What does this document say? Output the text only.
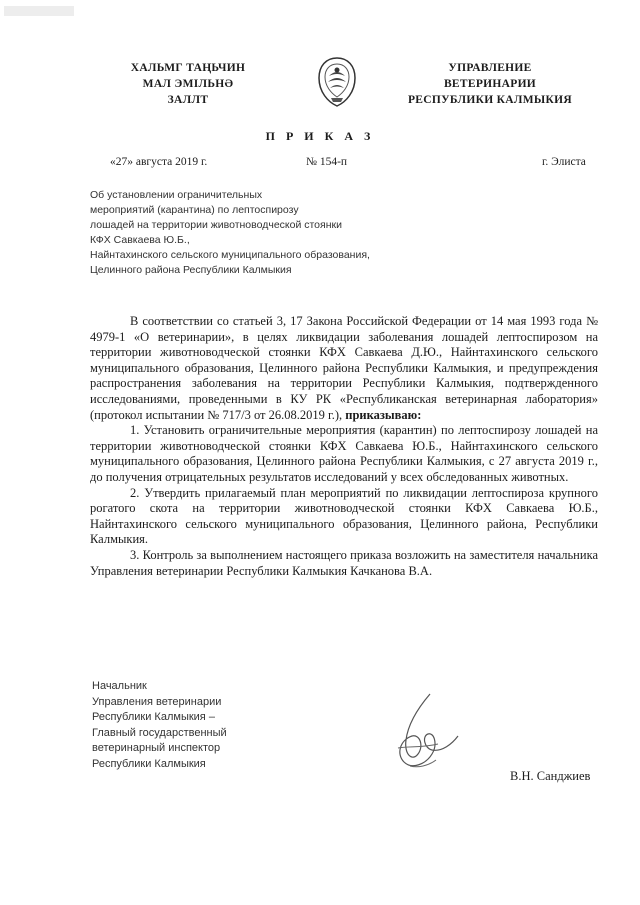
ХАЛЬМГ ТАҢЬЧИН
МАЛ ЭМӀЛЬНӘ
ЗАЛЛТ
УПРАВЛЕНИЕ
ВЕТЕРИНАРИИ
РЕСПУБЛИКИ КАЛМЫКИЯ
П Р И К А З
«27» августа 2019 г.	№ 154-п	г. Элиста
Об установлении ограничительных
мероприятий (карантина) по лептоспирозу
лошадей на территории животноводческой стоянки
КФХ Савкаева Ю.Б.,
Найнтахинского сельского муниципального образования,
Целинного района Республики Калмыкия

В соответствии со статьей 3, 17 Закона Российской Федерации от 14 мая 1993 года № 4979-1 «О ветеринарии», в целях ликвидации заболевания лошадей лептоспирозом на территории животноводческой стоянки КФХ Савкаева Д.Ю., Найнтахинского сельского муниципального образования, Целинного района Республики Калмыкия, и предупреждения распространения заболевания на территории Республики Калмыкия, подтвержденного исследованиями, проведенными в КУ РК «Республиканская ветеринарная лаборатория» (протокол испытании № 717/3 от 26.08.2019 г.), приказываю:

1. Установить ограничительные мероприятия (карантин) по лептоспирозу лошадей на территории животноводческой стоянки КФХ Савкаева Ю.Б., Найнтахинского сельского муниципального образования, Целинного района Республики Калмыкия, с 27 августа 2019 г., до получения отрицательных результатов исследований у всех обследованных животных.

2. Утвердить прилагаемый план мероприятий по ликвидации лептоспироза крупного рогатого скота на территории животноводческой стоянки КФХ Савкаева Ю.Б., Найнтахинского сельского муниципального образования, Целинного района, Республики Калмыкия.

3. Контроль за выполнением настоящего приказа возложить на заместителя начальника Управления ветеринарии Республики Калмыкия Качканова В.А.

Начальник
Управления ветеринарии
Республики Калмыкия –
Главный государственный
ветеринарный инспектор
Республики Калмыкия
В.Н. Санджиев
